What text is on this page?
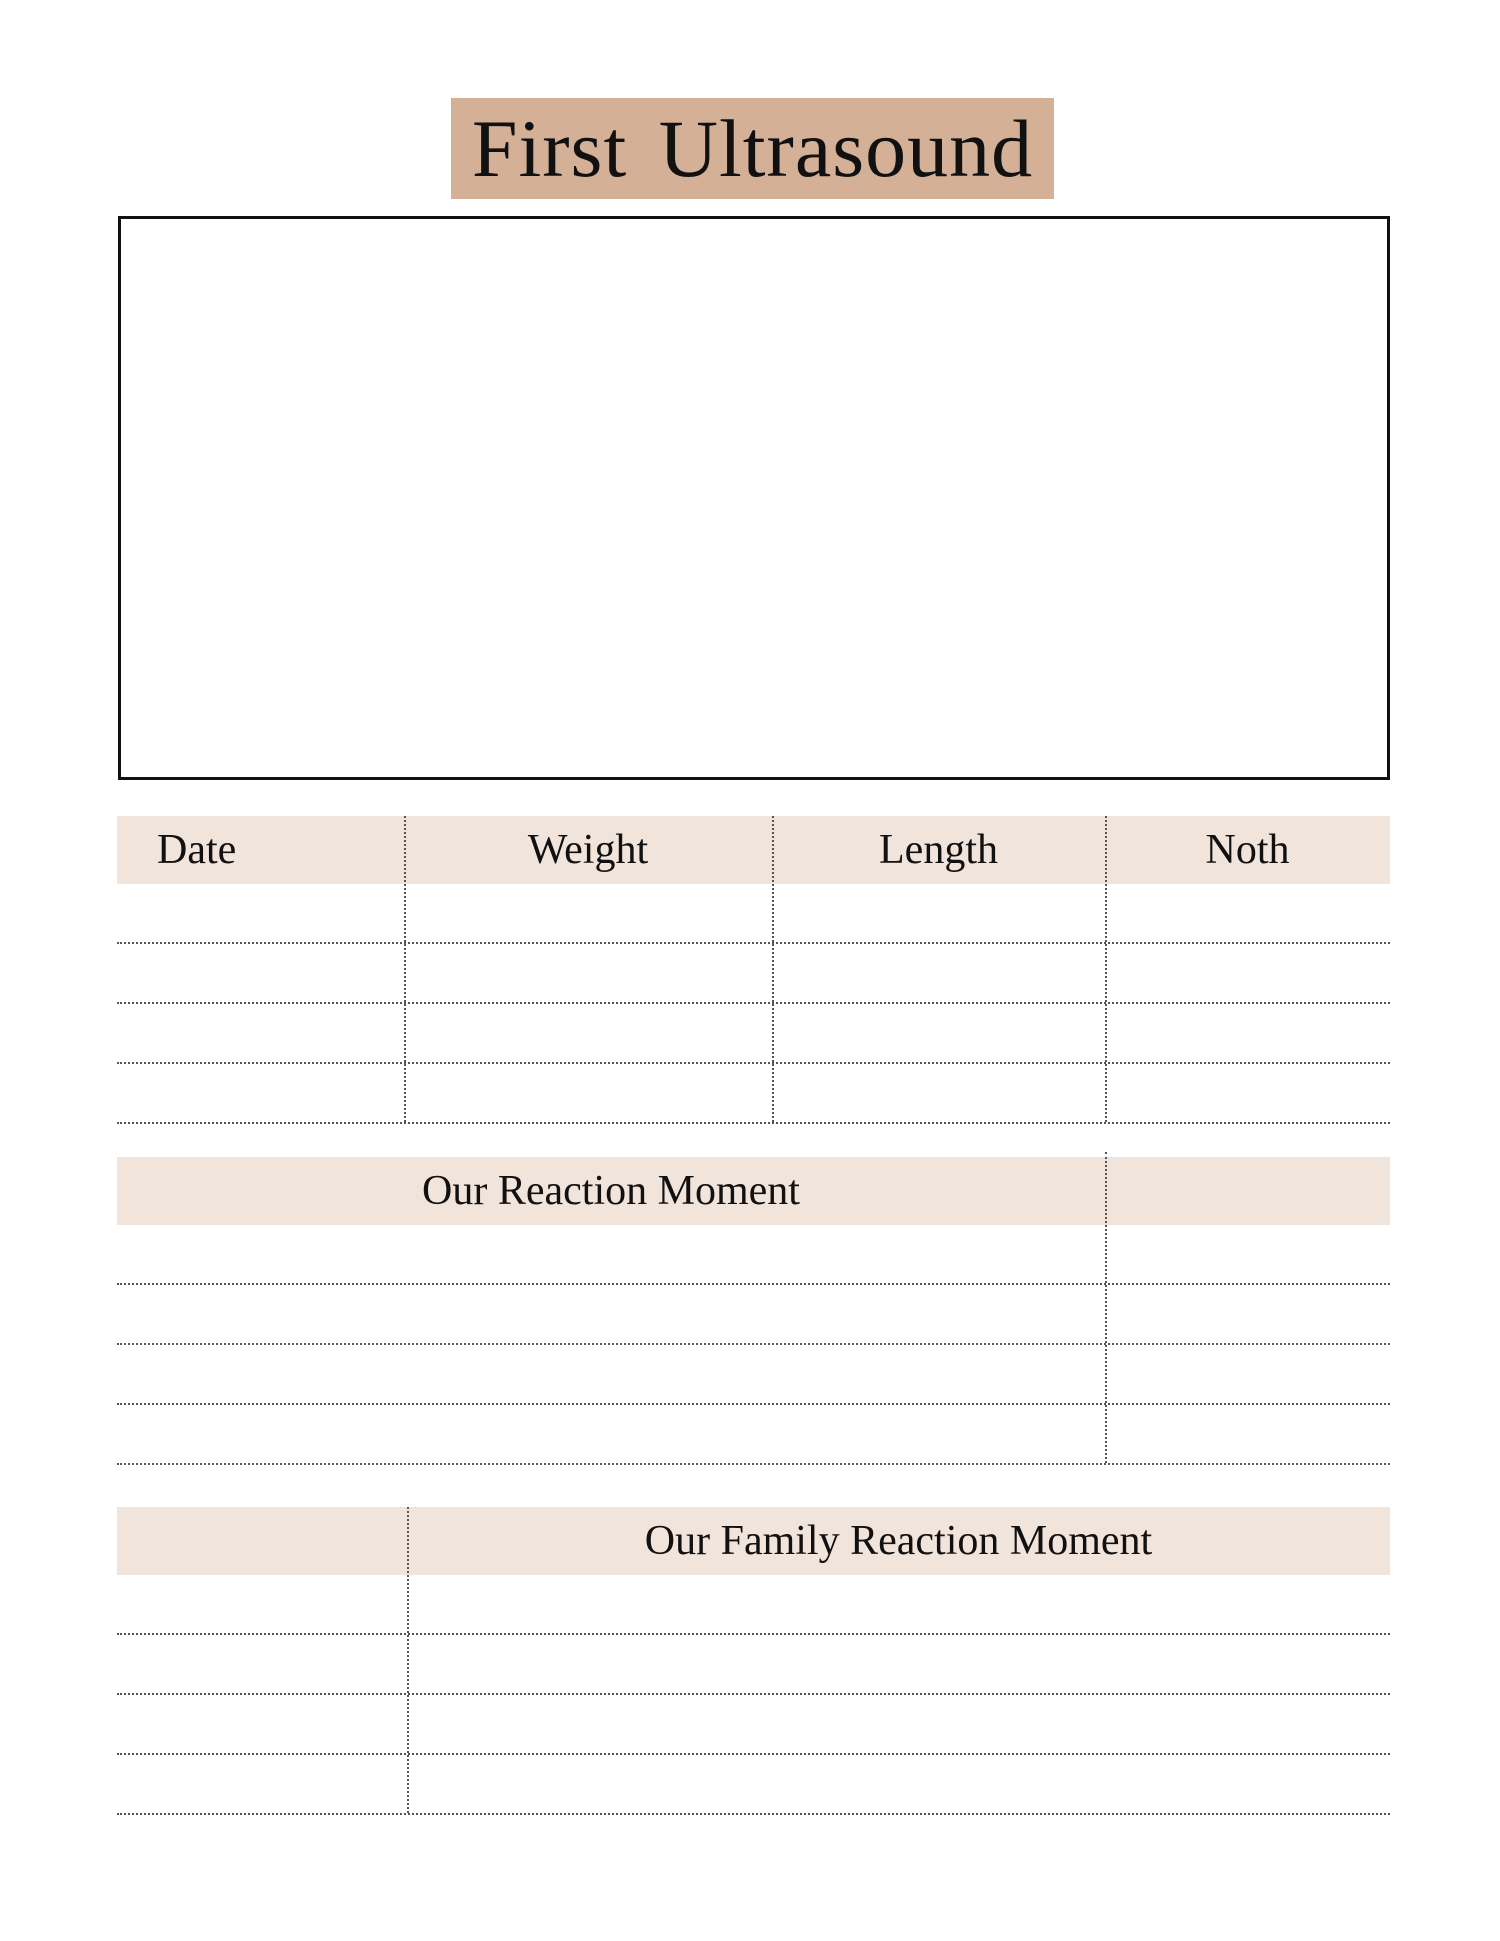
First Ultrasound
Date	Weight	Length	Noth
Our Reaction Moment
Our Family Reaction Moment
